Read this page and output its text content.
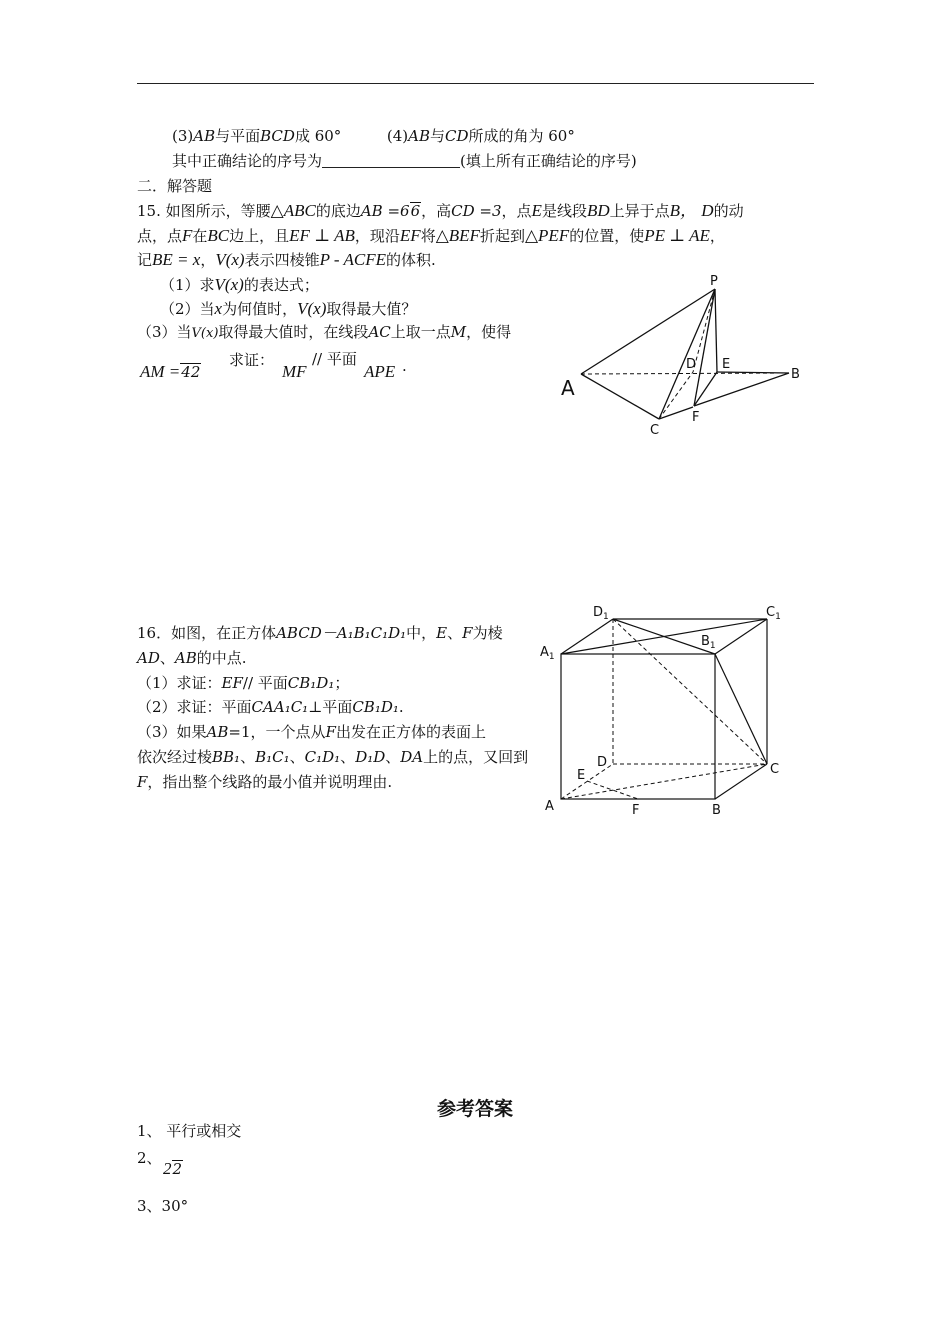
(3)AB与平面BCD成 60°	(4)AB与CD所成的角为 60°
其中正确结论的序号为	(填上所有正确结论的序号)
二．解答题
15. 如图所示，等腰△ABC的底边AB =66，高CD =3，点E是线段BD上异于点B， D的动
点，点F在BC边上，且EF ⊥ AB，现沿EF将△BEF折起到△PEF的位置，使PE ⊥ AE，
记BE = x，V(x)表示四棱锥P - ACFE的体积.
（1）求V(x)的表达式；
（2）当x为何值时，V(x)取得最大值？
（3）当V(x)取得最大值时，在线段AC上取一点M，使得
AM =42
求证：
MF
// 平面
APE .
P
D E
A
B
C
F
16．如图，在正方体ABCD－A₁B₁C₁D₁中，E、F为棱
AD、AB的中点.
（1）求证：EF// 平面CB₁D₁；
（2）求证：平面CAA₁C₁⊥平面CB₁D₁.
（3）如果AB=1，一个点从F出发在正方体的表面上
依次经过棱BB₁、B₁C₁、C₁D₁、D₁D、DA上的点，又回到
F，指出整个线路的最小值并说明理由.
$D_1$	$C_1$
$A_1$
$B_1$
D
E	C
A	F	B
参考答案
1、 平行或相交
2、
22
3、30°
